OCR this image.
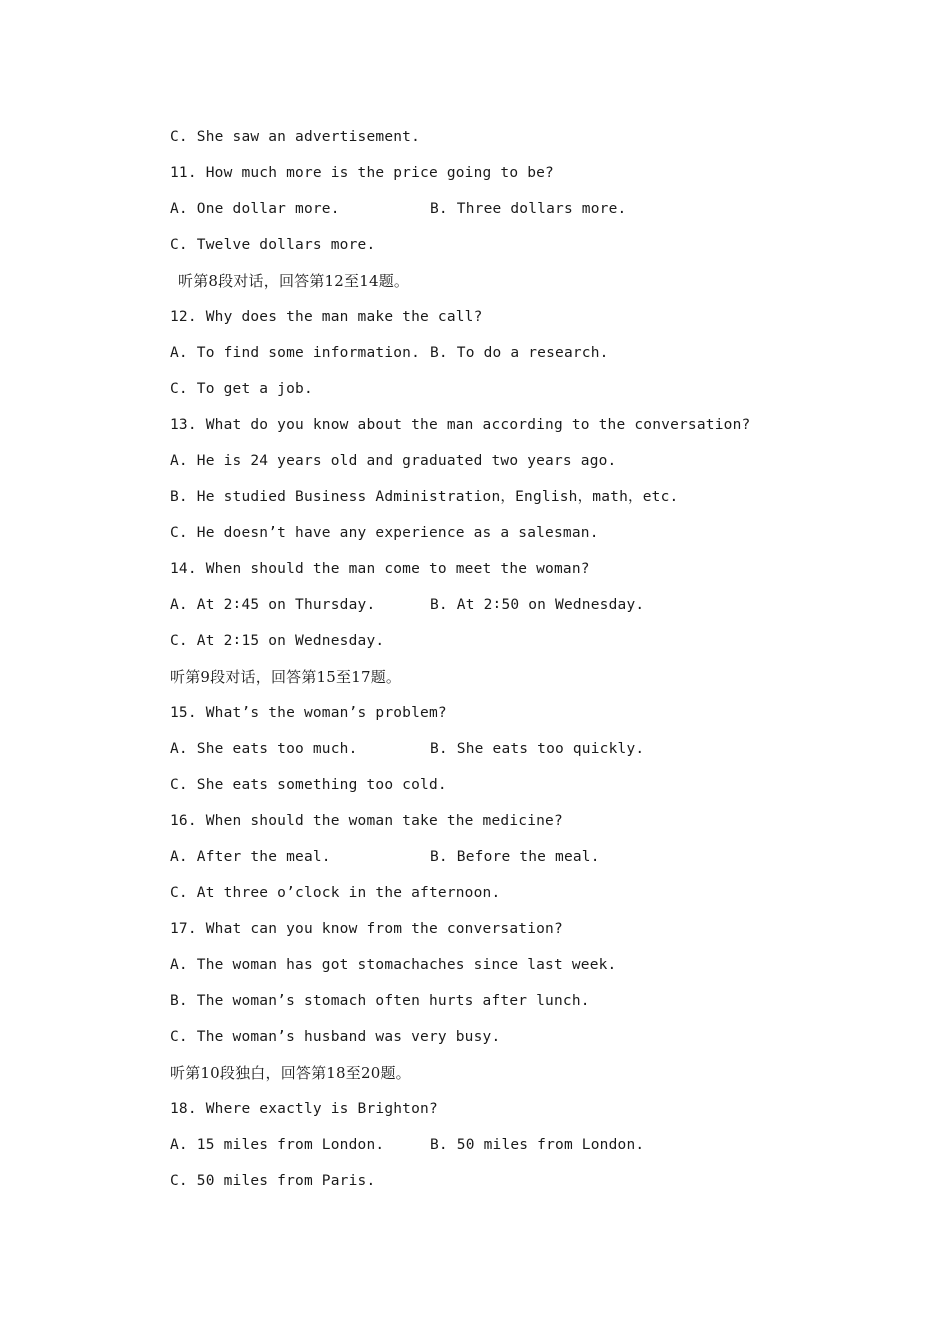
C. She saw an advertisement.
11. How much more is the price going to be?
A. One dollar more.	B. Three dollars more.
C. Twelve dollars more.
听第8段对话，回答第12至14题。
12. Why does the man make the call?
A. To find some information. B. To do a research.
C. To get a job.
13. What do you know about the man according to the conversation?
A. He is 24 years old and graduated two years ago.
B. He studied Business Administration，English，math，etc.
C. He doesn’t have any experience as a salesman.
14. When should the man come to meet the woman?
A. At 2∶45 on Thursday.	B. At 2∶50 on Wednesday.
C. At 2∶15 on Wednesday.
听第9段对话，回答第15至17题。
15. What’s the woman’s problem?
A. She eats too much.	B. She eats too quickly.
C. She eats something too cold.
16. When should the woman take the medicine?
A. After the meal.	B. Before the meal.
C. At three o’clock in the afternoon.
17. What can you know from the conversation?
A. The woman has got stomachaches since last week.
B. The woman’s stomach often hurts after lunch.
C. The woman’s husband was very busy.
听第10段独白，回答第18至20题。
18. Where exactly is Brighton?
A. 15 miles from London.	B. 50 miles from London.
C. 50 miles from Paris.
